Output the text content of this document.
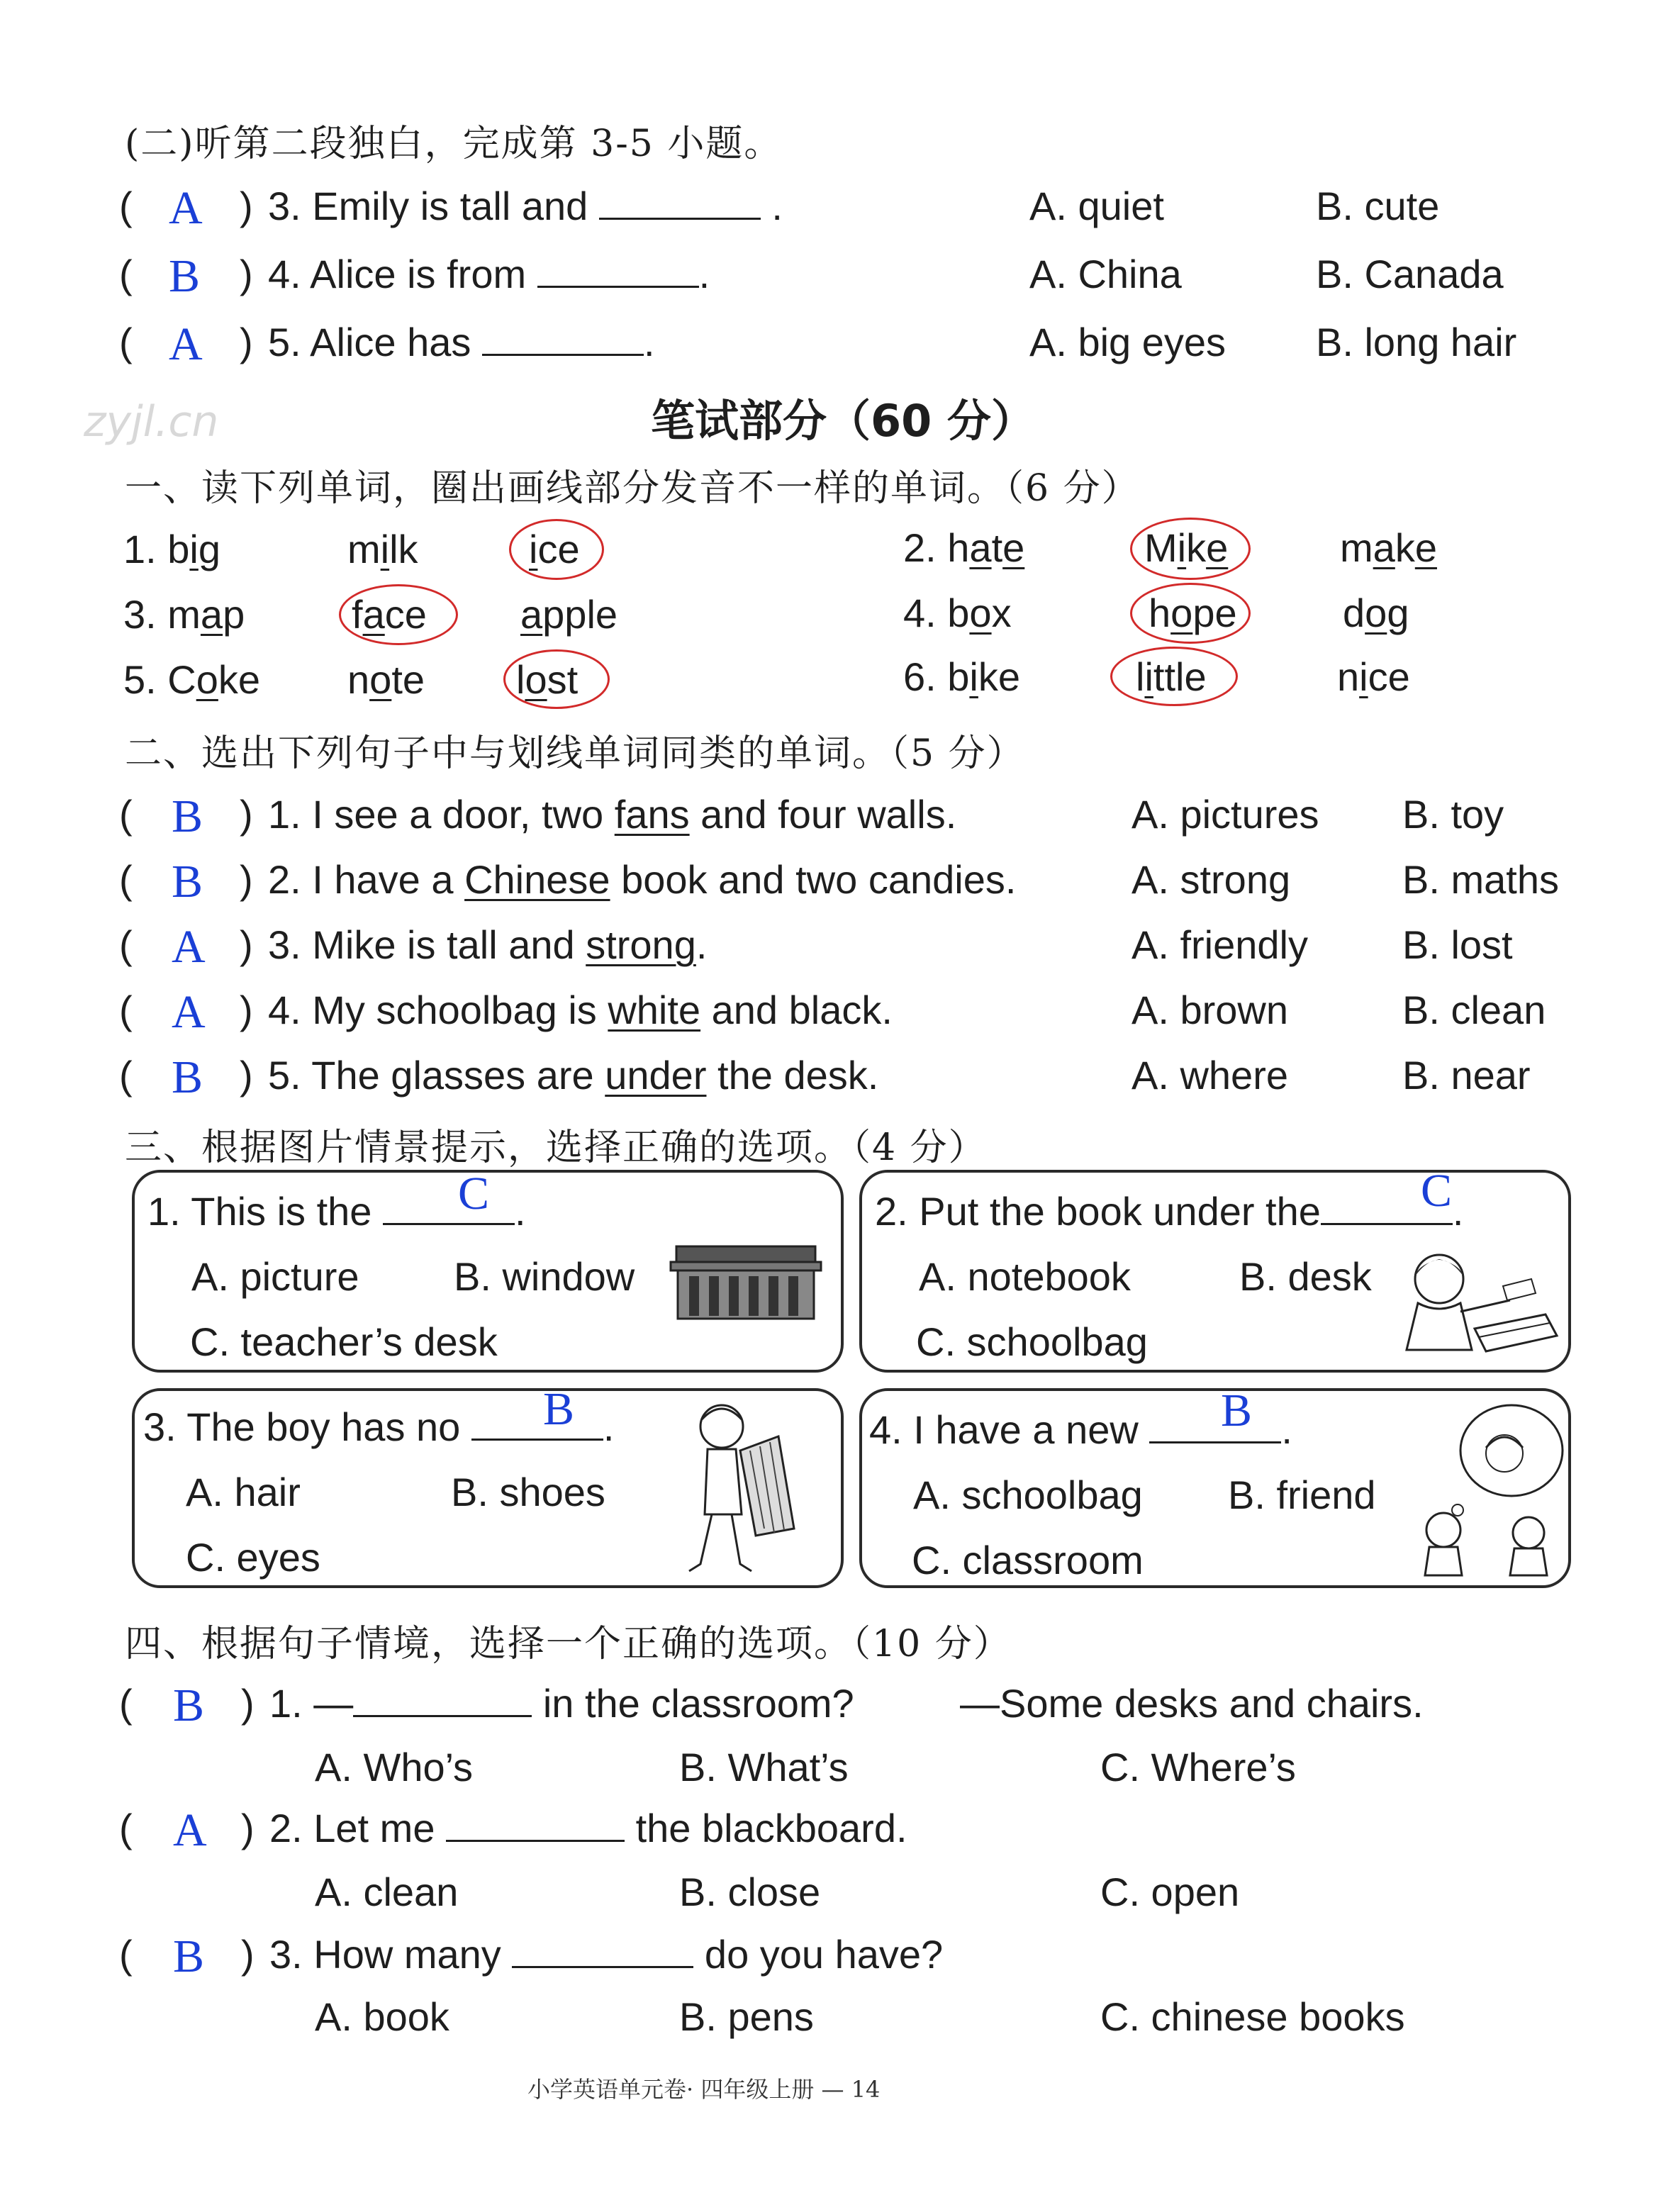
(二)听第二段独白，完成第 3-5 小题。
( A ) 3. Emily is tall and	.	A. quiet	B. cute
( B ) 4. Alice is from	.	A. China	B. Canada
( A ) 5. Alice has	.	A. big eyes B. long hair
zyjl.cn	笔试部分（60 分）
一、读下列单词，圈出画线部分发音不一样的单词。（6 分）
1. big	milk	ice	2. hate	Mike	make
3. map	face apple	4. box	hope	dog
5. Coke note lost	6. bike	little	nice
二、选出下列句子中与划线单词同类的单词。（5 分）
( B ) 1. I see a door, two fans and four walls.	A. pictures B. toy
( B ) 2. I have a Chinese book and two candies.	A. strong	B. maths
( A ) 3. Mike is tall and strong.	A. friendly B. lost
( A ) 4. My schoolbag is white and black.	A. brown	B. clean
( B ) 5. The glasses are under the desk.	A. where	B. near
三、根据图片情景提示，选择正确的选项。（4 分）
1. This is the	.
C
A. picture B. window
C. teacher’s desk
2. Put the book under the	.
C
A. notebook	B. desk
C. schoolbag
3. The boy has no	.
B
A. hair	B. shoes
C. eyes
4. I have a new	.
B
A. schoolbag B. friend
C. classroom
四、根据句子情境，选择一个正确的选项。（10 分）
( B ) 1. —	in the classroom?	—Some desks and chairs.
A. Who’s	B. What’s	C. Where’s
( A ) 2. Let me	the blackboard.
A. clean	B. close	C. open
( B ) 3. How many	do you have?
A. book	B. pens	C. chinese books
小学英语单元卷· 四年级上册 — 14
